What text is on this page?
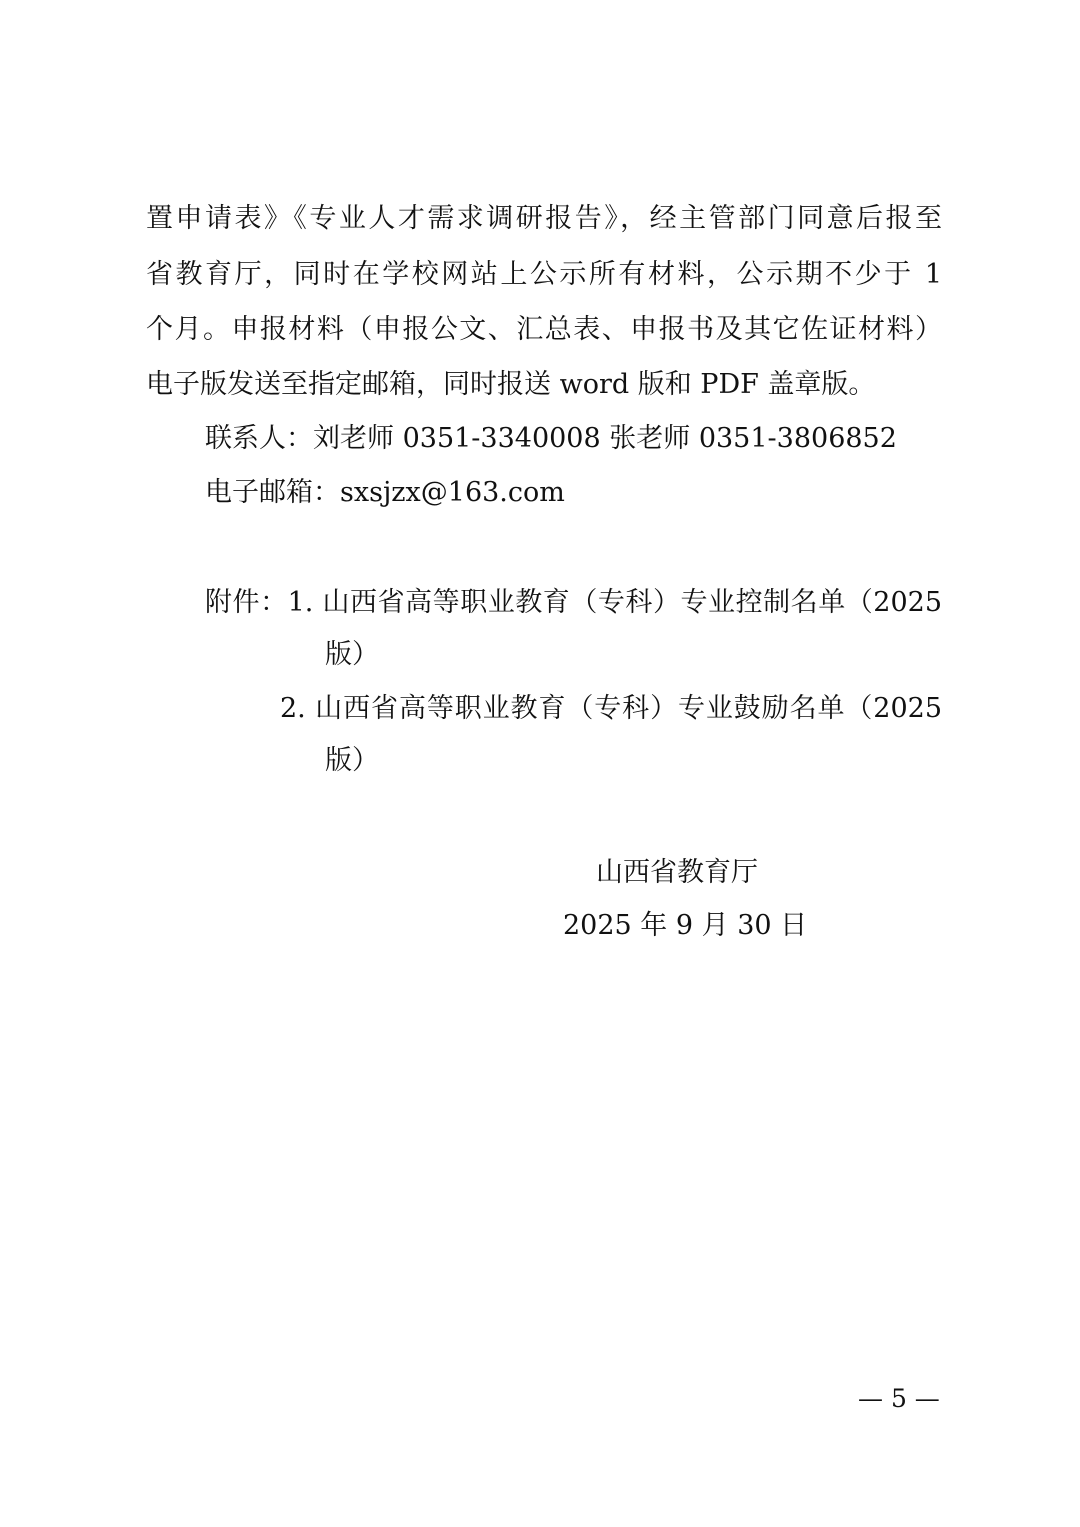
置申请表》《专业人才需求调研报告》，经主管部门同意后报至
省教育厅，同时在学校网站上公示所有材料，公示期不少于 1
个月。申报材料（申报公文、汇总表、申报书及其它佐证材料）
电子版发送至指定邮箱，同时报送 word 版和 PDF 盖章版。
联系人：刘老师 0351-3340008 张老师 0351-3806852
电子邮箱：sxsjzx@163.com
附件：1. 山西省高等职业教育（专科）专业控制名单（2025
版）
2. 山西省高等职业教育（专科）专业鼓励名单（2025
版）
山西省教育厅
2025 年 9 月 30 日
— 5 —
